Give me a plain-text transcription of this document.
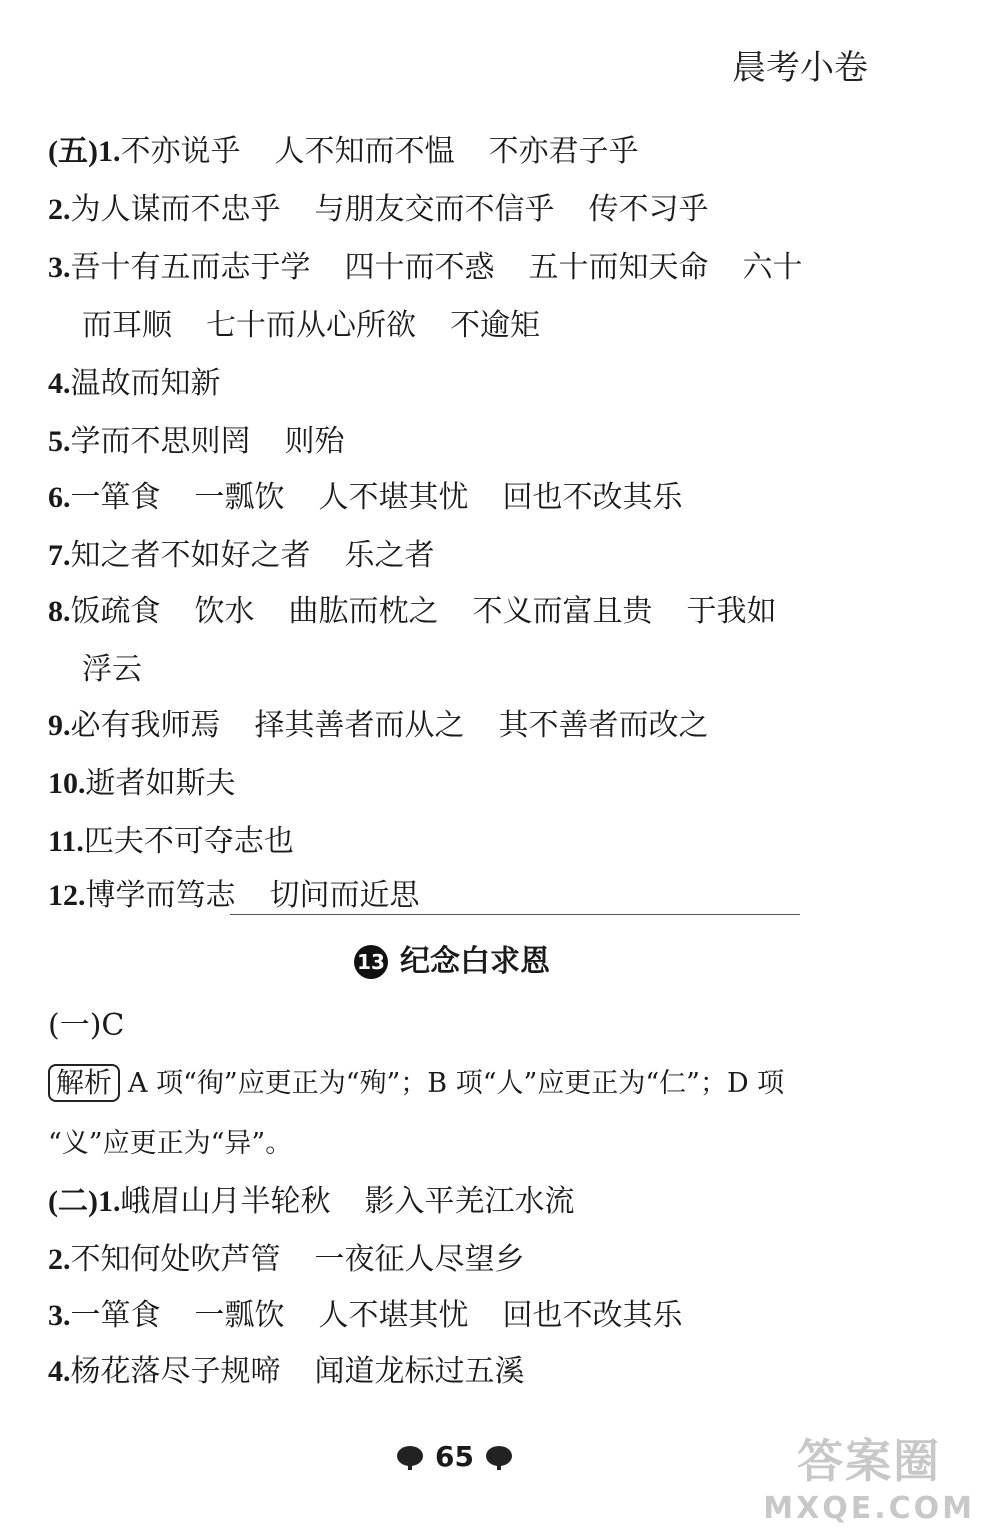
晨考小卷
(五)1.不亦说乎 人不知而不愠 不亦君子乎
2.为人谋而不忠乎 与朋友交而不信乎 传不习乎
3.吾十有五而志于学 四十而不惑 五十而知天命 六十
而耳顺 七十而从心所欲 不逾矩
4.温故而知新
5.学而不思则罔 则殆
6.一箪食 一瓢饮 人不堪其忧 回也不改其乐
7.知之者不如好之者 乐之者
8.饭疏食 饮水 曲肱而枕之 不义而富且贵 于我如
浮云
9.必有我师焉 择其善者而从之 其不善者而改之
10.逝者如斯夫
11.匹夫不可夺志也
12.博学而笃志 切问而近思
13 纪念白求恩
(一)C
解析 A 项“徇”应更正为“殉”；B 项“人”应更正为“仁”；D 项
“义”应更正为“异”。
(二)1.峨眉山月半轮秋 影入平羌江水流
2.不知何处吹芦管 一夜征人尽望乡
3.一箪食 一瓢饮 人不堪其忧 回也不改其乐
4.杨花落尽子规啼 闻道龙标过五溪
65	答案圈
MXQE.COM
